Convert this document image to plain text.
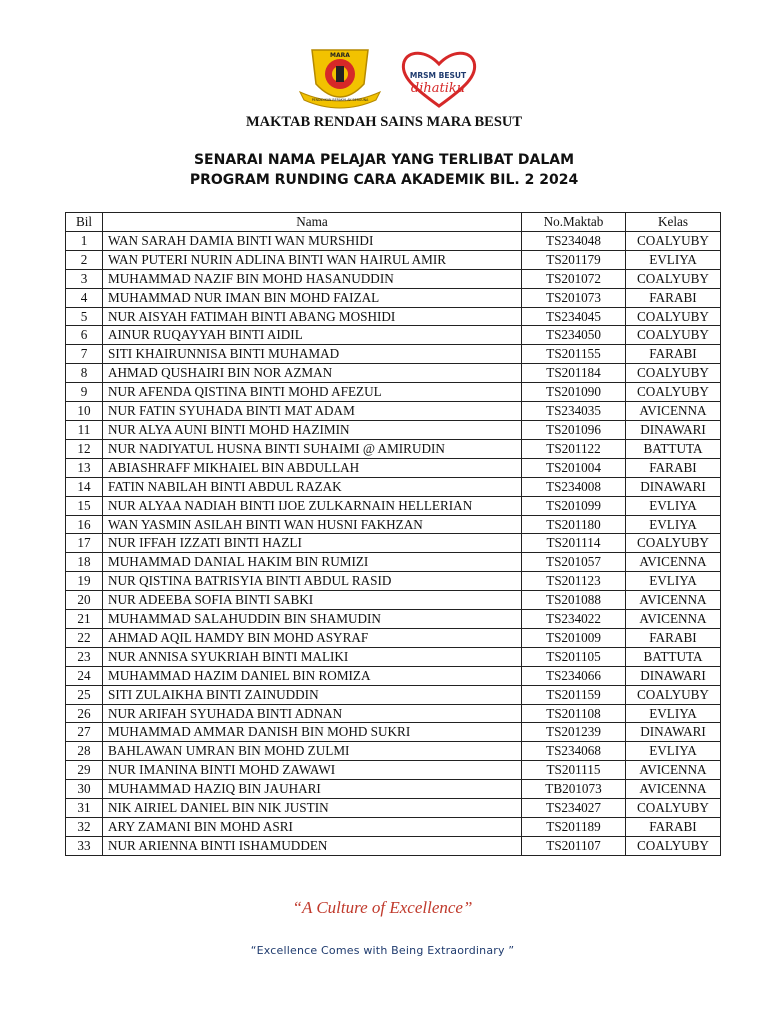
MARA
PENDIDIKAN BERAKHLAK BERGUNA
MRSM BESUT
dihatiku
MAKTAB RENDAH SAINS MARA BESUT
SENARAI NAMA PELAJAR YANG TERLIBAT DALAM
PROGRAM RUNDING CARA AKADEMIK BIL. 2 2024
Bil	Nama	No.Maktab	Kelas
1	WAN SARAH DAMIA BINTI WAN MURSHIDI	TS234048	COALYUBY
2	WAN PUTERI NURIN ADLINA BINTI WAN HAIRUL AMIR	TS201179	EVLIYA
3	MUHAMMAD NAZIF BIN MOHD HASANUDDIN	TS201072	COALYUBY
4	MUHAMMAD NUR IMAN BIN MOHD FAIZAL	TS201073	FARABI
5	NUR AISYAH FATIMAH BINTI ABANG MOSHIDI	TS234045	COALYUBY
6	AINUR RUQAYYAH BINTI AIDIL	TS234050	COALYUBY
7	SITI KHAIRUNNISA BINTI MUHAMAD	TS201155	FARABI
8	AHMAD QUSHAIRI BIN NOR AZMAN	TS201184	COALYUBY
9	NUR AFENDA QISTINA BINTI MOHD AFEZUL	TS201090	COALYUBY
10	NUR FATIN SYUHADA BINTI MAT ADAM	TS234035	AVICENNA
11	NUR ALYA AUNI BINTI MOHD HAZIMIN	TS201096	DINAWARI
12	NUR NADIYATUL HUSNA BINTI SUHAIMI @ AMIRUDIN	TS201122	BATTUTA
13	ABIASHRAFF MIKHAIEL BIN ABDULLAH	TS201004	FARABI
14	FATIN NABILAH BINTI ABDUL RAZAK	TS234008	DINAWARI
15	NUR ALYAA NADIAH BINTI IJOE ZULKARNAIN HELLERIAN	TS201099	EVLIYA
16	WAN YASMIN ASILAH BINTI WAN HUSNI FAKHZAN	TS201180	EVLIYA
17	NUR IFFAH IZZATI BINTI HAZLI	TS201114	COALYUBY
18	MUHAMMAD DANIAL HAKIM BIN RUMIZI	TS201057	AVICENNA
19	NUR QISTINA BATRISYIA BINTI ABDUL RASID	TS201123	EVLIYA
20	NUR ADEEBA SOFIA BINTI SABKI	TS201088	AVICENNA
21	MUHAMMAD SALAHUDDIN BIN SHAMUDIN	TS234022	AVICENNA
22	AHMAD AQIL HAMDY BIN MOHD ASYRAF	TS201009	FARABI
23	NUR ANNISA SYUKRIAH BINTI MALIKI	TS201105	BATTUTA
24	MUHAMMAD HAZIM DANIEL BIN ROMIZA	TS234066	DINAWARI
25	SITI ZULAIKHA BINTI ZAINUDDIN	TS201159	COALYUBY
26	NUR ARIFAH SYUHADA BINTI ADNAN	TS201108	EVLIYA
27	MUHAMMAD AMMAR DANISH BIN MOHD SUKRI	TS201239	DINAWARI
28	BAHLAWAN UMRAN BIN MOHD ZULMI	TS234068	EVLIYA
29	NUR IMANINA BINTI MOHD ZAWAWI	TS201115	AVICENNA
30	MUHAMMAD HAZIQ BIN JAUHARI	TB201073	AVICENNA
31	NIK AIRIEL DANIEL BIN NIK JUSTIN	TS234027	COALYUBY
32	ARY ZAMANI BIN MOHD ASRI	TS201189	FARABI
33	NUR ARIENNA BINTI ISHAMUDDEN	TS201107	COALYUBY
“A Culture of Excellence”
“Excellence Comes with Being Extraordinary ”
